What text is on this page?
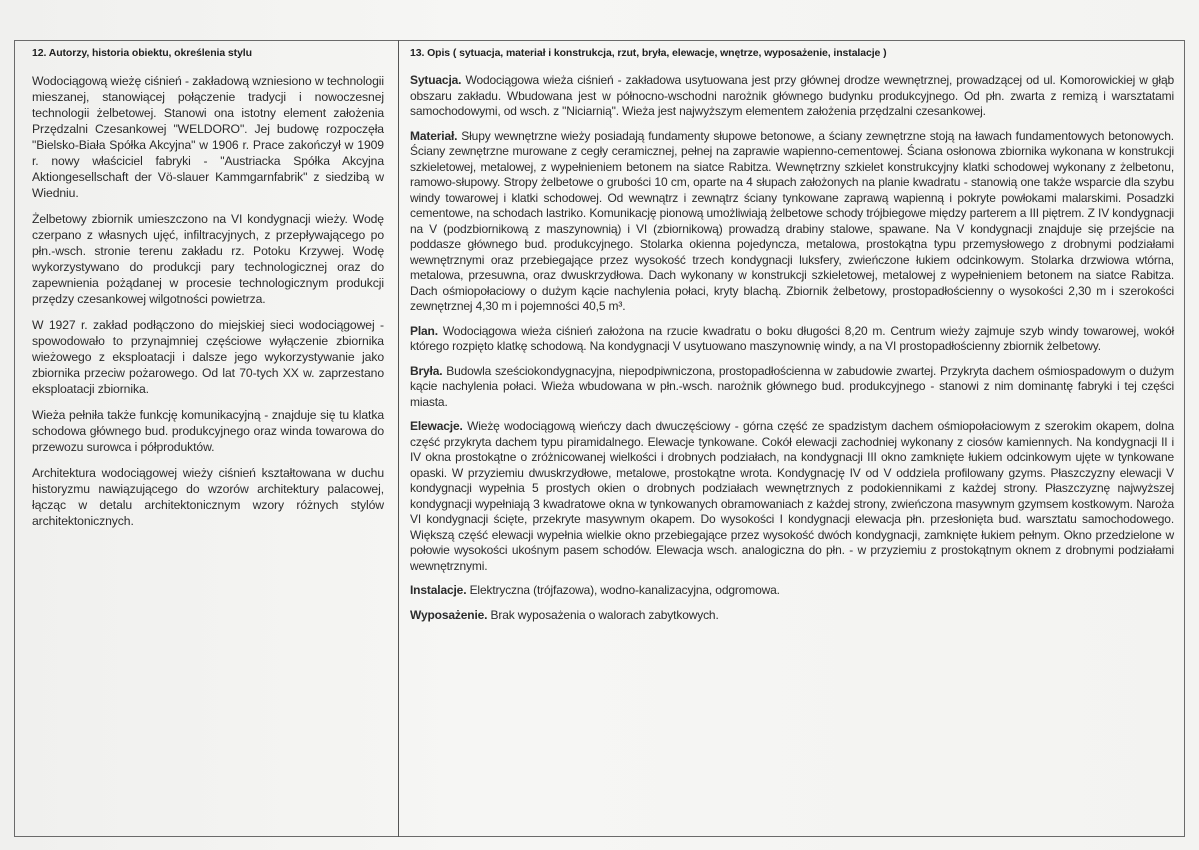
12. Autorzy, historia obiektu, określenia stylu

Wodociągową wieżę ciśnień - zakładową wzniesiono w technologii mieszanej, stanowiącej połączenie tradycji i nowoczesnej technologii żelbetowej. Stanowi ona istotny element założenia Przędzalni Czesankowej "WELDORO". Jej budowę rozpoczęła "Bielsko-Biała Spółka Akcyjna" w 1906 r. Prace zakończył w 1909 r. nowy właściciel fabryki - "Austriacka Spółka Akcyjna Aktiongesellschaft der Vö-slauer Kammgarnfabrik" z siedzibą w Wiedniu.

Żelbetowy zbiornik umieszczono na VI kondygnacji wieży. Wodę czerpano z własnych ujęć, infiltracyjnych, z przepływającego po płn.-wsch. stronie terenu zakładu rz. Potoku Krzywej. Wodę wykorzystywano do produkcji pary technologicznej oraz do zapewnienia pożądanej w procesie technologicznym produkcji przędzy czesankowej wilgotności powietrza.

W 1927 r. zakład podłączono do miejskiej sieci wodociągowej - spowodowało to przynajmniej częściowe wyłączenie zbiornika wieżowego z eksploatacji i dalsze jego wykorzystywanie jako zbiornika przeciw pożarowego. Od lat 70-tych XX w. zaprzestano eksploatacji zbiornika.

Wieża pełniła także funkcję komunikacyjną - znajduje się tu klatka schodowa głównego bud. produkcyjnego oraz winda towarowa do przewozu surowca i półproduktów.

Architektura wodociągowej wieży ciśnień kształtowana w duchu historyzmu nawiązującego do wzorów architektury palacowej, łącząc w detalu architektonicznym wzory różnych stylów architektonicznych.

13. Opis ( sytuacja, materiał i konstrukcja, rzut, bryła, elewacje, wnętrze, wyposażenie, instalacje )

Sytuacja. Wodociągowa wieża ciśnień - zakładowa usytuowana jest przy głównej drodze wewnętrznej, prowadzącej od ul. Komorowickiej w głąb obszaru zakładu. Wbudowana jest w północno-wschodni narożnik głównego budynku produkcyjnego. Od płn. zwarta z remizą i warsztatami samochodowymi, od wsch. z "Niciarnią". Wieża jest najwyższym elementem założenia przędzalni czesankowej.

Materiał. Słupy wewnętrzne wieży posiadają fundamenty słupowe betonowe, a ściany zewnętrzne stoją na ławach fundamentowych betonowych. Ściany zewnętrzne murowane z cegły ceramicznej, pełnej na zaprawie wapienno-cementowej. Ściana osłonowa zbiornika wykonana w konstrukcji szkieletowej, metalowej, z wypełnieniem betonem na siatce Rabitza. Wewnętrzny szkielet konstrukcyjny klatki schodowej wykonany z żelbetonu, ramowo-słupowy. Stropy żelbetowe o grubości 10 cm, oparte na 4 słupach założonych na planie kwadratu - stanowią one także wsparcie dla szybu windy towarowej i klatki schodowej. Od wewnątrz i zewnątrz ściany tynkowane zaprawą wapienną i pokryte powłokami malarskimi. Posadzki cementowe, na schodach lastriko. Komunikację pionową umożliwiają żelbetowe schody trójbiegowe między parterem a III piętrem. Z IV kondygnacji na V (podzbiornikową z maszynownią) i VI (zbiornikową) prowadzą drabiny stalowe, spawane. Na V kondygnacji znajduje się przejście na poddasze głównego bud. produkcyjnego. Stolarka okienna pojedyncza, metalowa, prostokątna typu przemysłowego z drobnymi podziałami wewnętrznymi oraz przebiegające przez wysokość trzech kondygnacji luksfery, zwieńczone łukiem odcinkowym. Stolarka drzwiowa wtórna, metalowa, przesuwna, oraz dwuskrzydłowa. Dach wykonany w konstrukcji szkieletowej, metalowej z wypełnieniem betonem na siatce Rabitza. Dach ośmiopołaciowy o dużym kącie nachylenia połaci, kryty blachą. Zbiornik żelbetowy, prostopadłościenny o wysokości 2,30 m i szerokości zewnętrznej 4,30 m i pojemności 40,5 m³.

Plan. Wodociągowa wieża ciśnień założona na rzucie kwadratu o boku długości 8,20 m. Centrum wieży zajmuje szyb windy towarowej, wokół którego rozpięto klatkę schodową. Na kondygnacji V usytuowano maszynownię windy, a na VI prostopadłościenny zbiornik żelbetowy.

Bryła. Budowla sześciokondygnacyjna, niepodpiwniczona, prostopadłościenna w zabudowie zwartej. Przykryta dachem ośmiospadowym o dużym kącie nachylenia połaci. Wieża wbudowana w płn.-wsch. narożnik głównego bud. produkcyjnego - stanowi z nim dominantę fabryki i tej części miasta.

Elewacje. Wieżę wodociągową wieńczy dach dwuczęściowy - górna część ze spadzistym dachem ośmiopołaciowym z szerokim okapem, dolna część przykryta dachem typu piramidalnego. Elewacje tynkowane. Cokół elewacji zachodniej wykonany z ciosów kamiennych. Na kondygnacji II i IV okna prostokątne o zróżnicowanej wielkości i drobnych podziałach, na kondygnacji III okno zamknięte łukiem odcinkowym ujęte w tynkowane opaski. W przyziemiu dwuskrzydłowe, metalowe, prostokątne wrota. Kondygnację IV od V oddziela profilowany gzyms. Płaszczyzny elewacji V kondygnacji wypełnia 5 prostych okien o drobnych podziałach wewnętrznych z podokiennikami z każdej strony. Płaszczyznę najwyższej kondygnacji wypełniają 3 kwadratowe okna w tynkowanych obramowaniach z każdej strony, zwieńczona masywnym gzymsem kostkowym. Naroża VI kondygnacji ścięte, przekryte masywnym okapem. Do wysokości I kondygnacji elewacja płn. przesłonięta bud. warsztatu samochodowego. Większą część elewacji wypełnia wielkie okno przebiegające przez wysokość dwóch kondygnacji, zamknięte łukiem pełnym. Okno przedzielone w połowie wysokości ukośnym pasem schodów. Elewacja wsch. analogiczna do płn. - w przyziemiu z prostokątnym oknem z drobnymi podziałami wewnętrznymi.

Instalacje. Elektryczna (trójfazowa), wodno-kanalizacyjna, odgromowa.

Wyposażenie. Brak wyposażenia o walorach zabytkowych.
